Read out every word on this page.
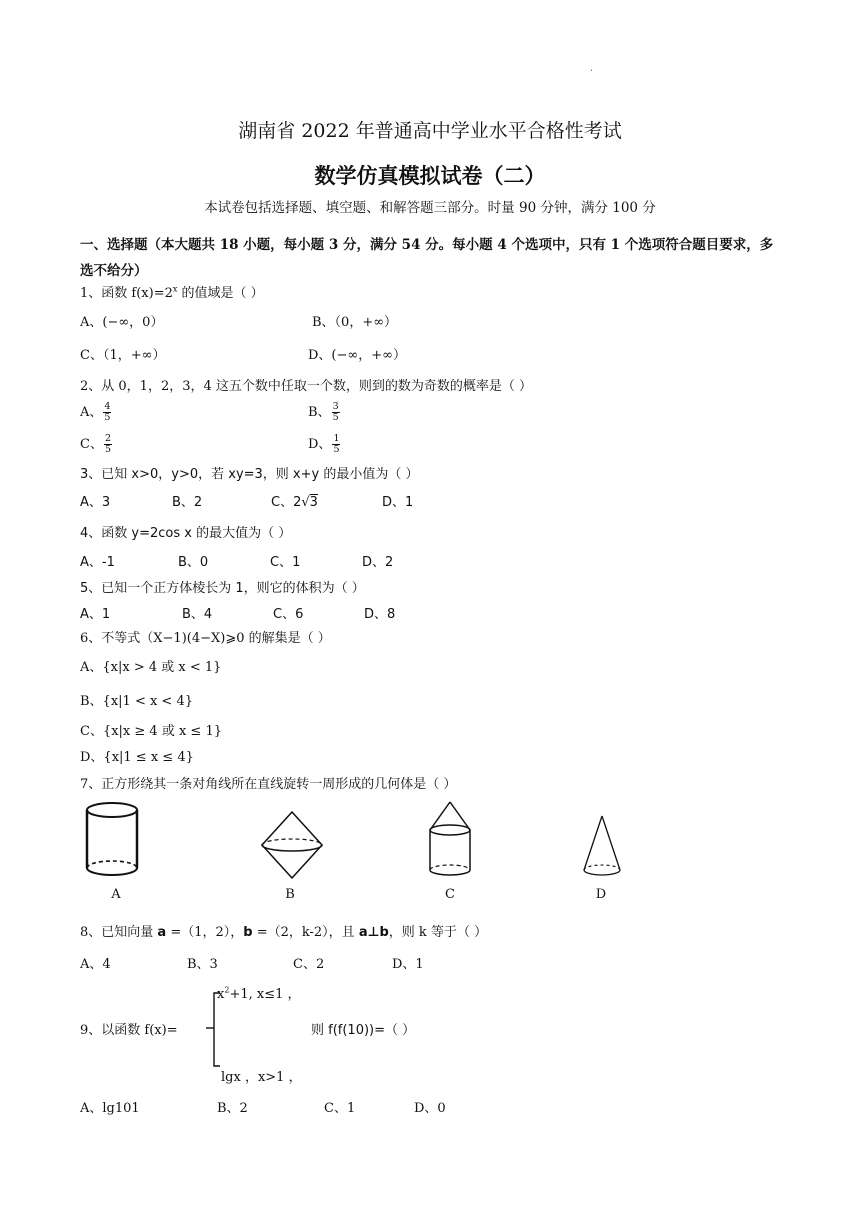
·
湖南省 2022 年普通高中学业水平合格性考试
数学仿真模拟试卷（二）
本试卷包括选择题、填空题、和解答题三部分。时量 90 分钟，满分 100 分
一、选择题（本大题共 18 小题，每小题 3 分，满分 54 分。每小题 4 个选项中，只有 1 个选项符合题目要求，多选不给分）
1、函数 $f(x)=2^x$ 的值域是（ ）
A、(−∞，0）	B、（0，+∞）
C、（1，+∞）	D、(−∞，+∞）
2、从 0，1，2，3，4 这五个数中任取一个数，则到的数为奇数的概率是（ ）
A、 $\frac{4}{5}$	B、 $\frac{3}{5}$
C、 $\frac{2}{5}$	D、 $\frac{1}{5}$
3、已知 x>0，y>0，若 xy=3，则 x+y 的最小值为（ ）
A、3	B、2	C、2√3	D、1
4、函数 y=2cos x 的最大值为（ ）
A、-1	B、0	C、1	D、2
5、已知一个正方体棱长为 1，则它的体积为（ ）
A、1	B、4	C、6	D、8
6、不等式（X−1)(4−X)⩾0 的解集是（ ）
A、{x|x > 4 或 x < 1}
B、{x|1 < x < 4}
C、{x|x ≥ 4 或 x ≤ 1}
D、{x|1 ≤ x ≤ 4}
7、正方形绕其一条对角线所在直线旋转一周形成的几何体是（ ）
A	B	C	D
8、已知向量 a =（1，2），b =（2，k-2），且 a⊥b，则 k 等于（ ）
A、4	B、3	C、2	D、1
9、以函数 f(x)=
$x^2+1$, x≤1 ，
lgx ，x>1 ，
则 f(f(10))=（ ）
A、lg101	B、2	C、1	D、0
